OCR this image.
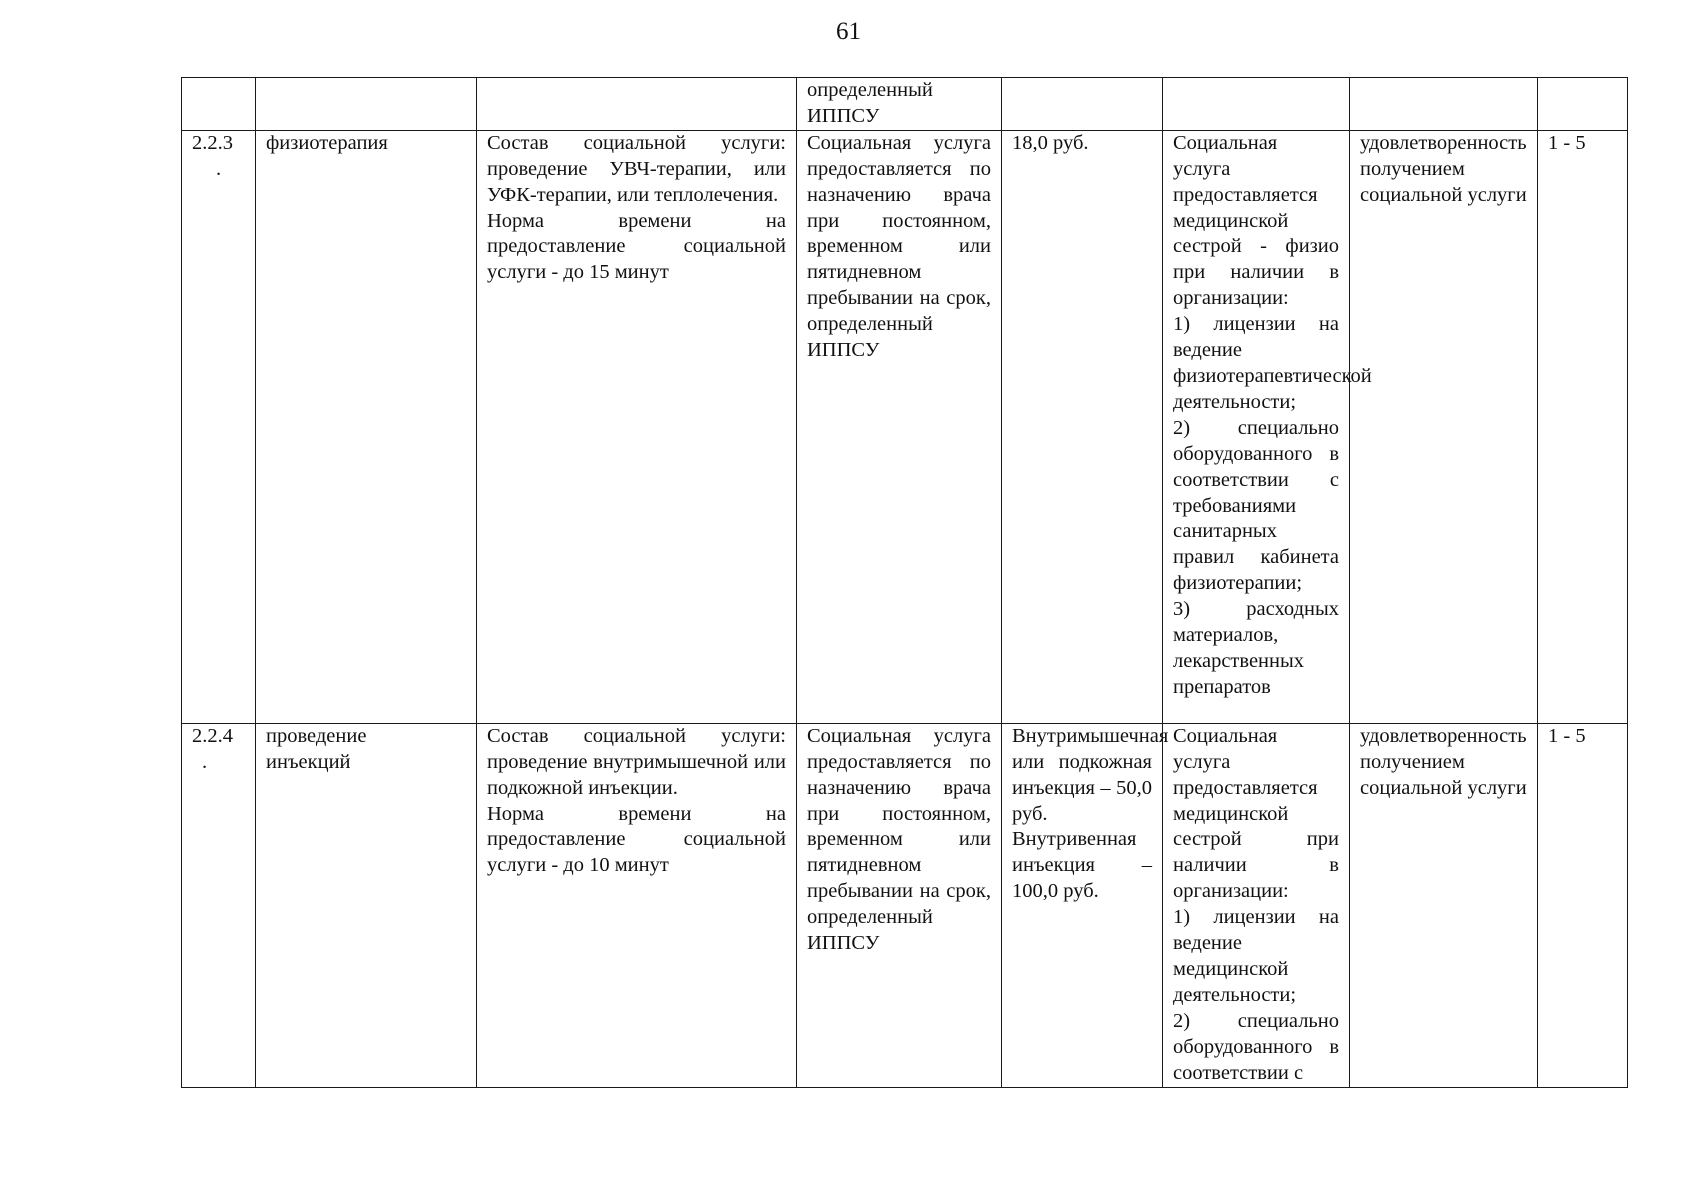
61

			определенный
ИППСУ				

2.2.3
.	физиотерапия	Состав социальной услуги: проведение УВЧ-терапии, или УФК-терапии, или теплолечения.
Норма времени на предоставление социальной услуги - до 15 минут	Социальная услуга предоставляется по назначению врача при постоянном, временном или пятидневном пребывании на срок, определенный ИППСУ	18,0 руб.	Социальная услуга предоставляется медицинской сестрой - физио при наличии в организации:
1) лицензии на ведение физиотерапевтической деятельности;
2) специально оборудованного в соответствии с требованиями санитарных правил кабинета физиотерапии;
3) расходных материалов, лекарственных препаратов	удовлетворенность получением социальной услуги	1 - 5

2.2.4
.	проведение инъекций	Состав социальной услуги: проведение внутримышечной или подкожной инъекции.
Норма времени на предоставление социальной услуги - до 10 минут	Социальная услуга предоставляется по назначению врача при постоянном, временном или пятидневном пребывании на срок, определенный ИППСУ	Внутримышечная или подкожная инъекция – 50,0 руб.
Внутривенная инъекция – 100,0 руб.	Социальная услуга предоставляется медицинской сестрой при наличии в организации:
1) лицензии на ведение медицинской деятельности;
2) специально оборудованного в соответствии с	удовлетворенность получением социальной услуги	1 - 5
